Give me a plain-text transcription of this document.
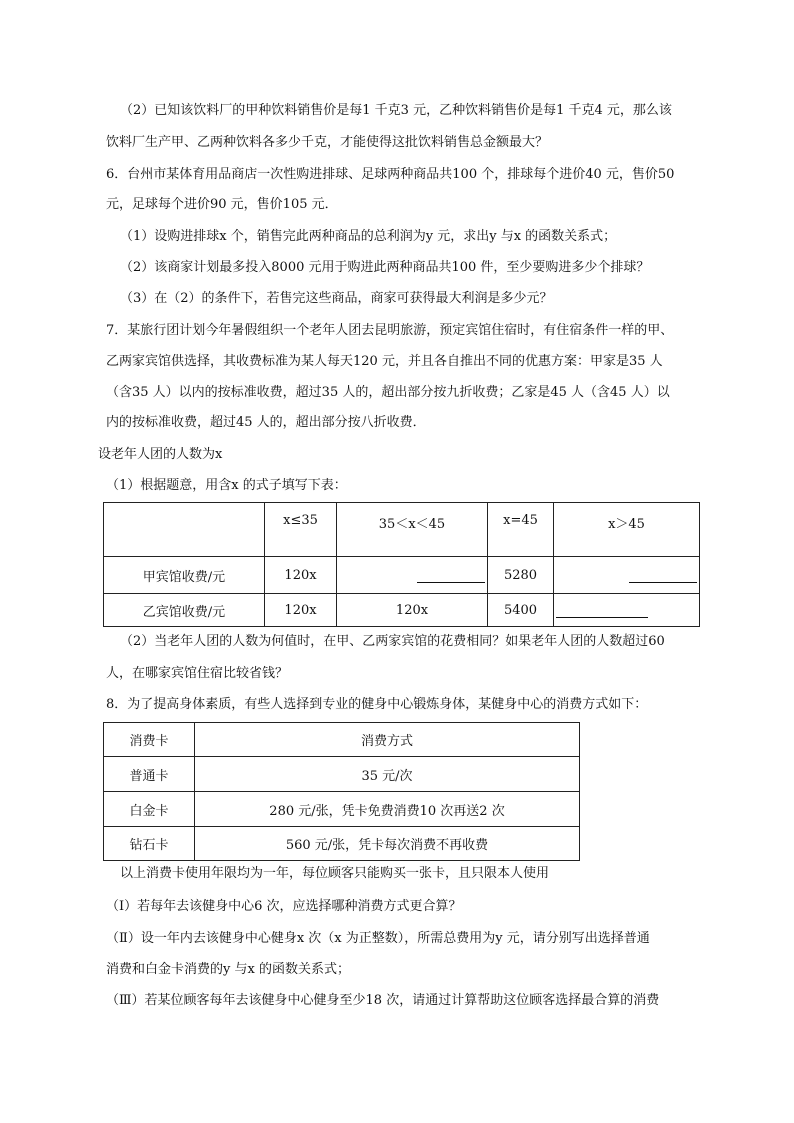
（2）已知该饮料厂的甲种饮料销售价是每1 千克3 元，乙种饮料销售价是每1 千克4 元，那么该
饮料厂生产甲、乙两种饮料各多少千克，才能使得这批饮料销售总金额最大？
6．台州市某体育用品商店一次性购进排球、足球两种商品共100 个，排球每个进价40 元，售价50
元，足球每个进价90 元，售价105 元．
（1）设购进排球x 个，销售完此两种商品的总利润为y 元，求出y 与x 的函数关系式；
（2）该商家计划最多投入8000 元用于购进此两种商品共100 件，至少要购进多少个排球？
（3）在（2）的条件下，若售完这些商品，商家可获得最大利润是多少元？
7．某旅行团计划今年暑假组织一个老年人团去昆明旅游，预定宾馆住宿时，有住宿条件一样的甲、
乙两家宾馆供选择，其收费标准为某人每天120 元，并且各自推出不同的优惠方案：甲家是35 人
（含35 人）以内的按标准收费，超过35 人的，超出部分按九折收费；乙家是45 人（含45 人）以
内的按标准收费，超过45 人的，超出部分按八折收费．
设老年人团的人数为x
（1）根据题意，用含x 的式子填写下表：
	x≤35	35＜x＜45	x=45	x＞45
甲宾馆收费/元	120x		5280	
乙宾馆收费/元	120x	120x	5400	
（2）当老年人团的人数为何值时，在甲、乙两家宾馆的花费相同？如果老年人团的人数超过60
人，在哪家宾馆住宿比较省钱？
8．为了提高身体素质，有些人选择到专业的健身中心锻炼身体，某健身中心的消费方式如下：
消费卡	消费方式
普通卡	35 元/次
白金卡	280 元/张，凭卡免费消费10 次再送2 次
钻石卡	560 元/张，凭卡每次消费不再收费
以上消费卡使用年限均为一年，每位顾客只能购买一张卡，且只限本人使用
（Ⅰ）若每年去该健身中心6 次，应选择哪种消费方式更合算？
（Ⅱ）设一年内去该健身中心健身x 次（x 为正整数），所需总费用为y 元，请分别写出选择普通
消费和白金卡消费的y 与x 的函数关系式；
（Ⅲ）若某位顾客每年去该健身中心健身至少18 次，请通过计算帮助这位顾客选择最合算的消费
